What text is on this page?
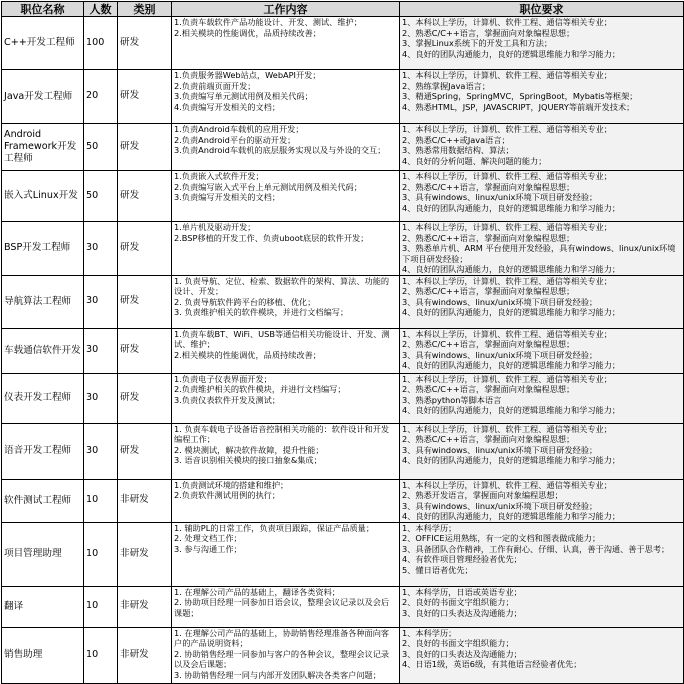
职位名称	人数	类别	工作内容	职位要求
C++开发工程师	100	研发	1.负责车载软件产品功能设计、开发、测试、维护；
2.相关模块的性能调优，品质持续改善；	1、本科以上学历，计算机、软件工程、通信等相关专业；
2、熟悉C/C++语言，掌握面向对象编程思想；
3、掌握Linux系统下的开发工具和方法；
4、良好的团队沟通能力，良好的逻辑思维能力和学习能力；

Java开发工程师	20	研发	1.负责服务器Web站点，WebAPI开发；
2.负责前端页面开发；
3.负责编写单元测试用例及相关代码；
4.负责编写开发相关的文档；	1、本科以上学历，计算机、软件工程、通信等相关专业；
2、熟练掌握Java语言；
3、精通Spring，SpringMVC，SpringBoot，Mybatis等框架；
4、熟悉HTML，JSP，JAVASCRIPT，JQUERY等前端开发技术；

Android Framework开发工程师	50	研发	1.负责Android车载机的应用开发；
2.负责Android平台的驱动开发；
3.负责Android车载机的底层服务实现以及与外设的交互；	1、本科以上学历，计算机、软件工程、通信等相关专业；
2、熟悉C/C++或Java语言；
3、熟悉常用数据结构、算法；
4、良好的分析问题、解决问题的能力；

嵌入式Linux开发	50	研发	1.负责嵌入式软件开发；
2.负责编写嵌入式平台上单元测试用例及相关代码；
3.负责编写开发相关的文档；	1、本科以上学历，计算机、软件工程、通信等相关专业；
2、熟悉C/C++语言，掌握面向对象编程思想；
3、具有windows、linux/unix环境下项目研发经验；
4、良好的团队沟通能力，良好的逻辑思维能力和学习能力；

BSP开发工程师	30	研发	1.单片机及驱动开发；
2.BSP移植的开发工作、负责uboot底层的软件开发；	1、本科以上学历，计算机、软件工程、通信等相关专业；
2、熟悉C/C++语言，掌握面向对象编程思想；
3、熟悉单片机、ARM 平台使用开发经验，具有windows、linux/unix环境下项目研发经验；
4、良好的团队沟通能力，良好的逻辑思维能力和学习能力；

导航算法工程师	30	研发	1. 负责导航、定位、检索、数据软件的架构、算法、功能的设计、开发；
2. 负责导航软件跨平台的移植、优化；
3. 负责维护相关的软件模块，并进行文档编写；	1、本科以上学历，计算机、软件工程、通信等相关专业；
2、熟悉C/C++语言，掌握面向对象编程思想；
3、具有windows、linux/unix环境下项目研发经验；
4、良好的团队沟通能力，良好的逻辑思维能力和学习能力；

车载通信软件开发	30	研发	1.负责车载BT、WiFi、USB等通信相关功能设计、开发、测试、维护；
2.相关模块的性能调优，品质持续改善；	1、本科以上学历，计算机、软件工程、通信等相关专业；
2、熟悉C/C++语言，掌握面向对象编程思想；
3、具有windows、linux/unix环境下项目研发经验；
4、良好的团队沟通能力，良好的逻辑思维能力和学习能力；

仪表开发工程师	30	研发	1.负责电子仪表界面开发；
2.负责维护相关的软件模块，并进行文档编写；
3.负责仪表软件开发及测试；	1、本科以上学历，计算机、软件工程、通信等相关专业；
2、熟悉C/C++语言，掌握面向对象编程思想；
3、熟悉python等脚本语言
4、良好的团队沟通能力，良好的逻辑思维能力和学习能力；

语音开发工程师	30	研发	1. 负责车载电子设备语音控制相关功能的：软件设计和开发编程工作；
2. 模块测试，解决软件故障，提升性能；
3. 语音识别相关模块的接口抽象&集成；	1、本科以上学历，计算机、软件工程、通信等相关专业；
2、熟悉C/C++语言，掌握面向对象编程思想；
3、具有windows、linux/unix环境下项目研发经验；
4、良好的团队沟通能力，良好的逻辑思维能力和学习能力；

软件测试工程师	10	非研发	1.负责测试环境的搭建和维护；
2.负责软件测试用例的执行；	1、本科以上学历，计算机、软件工程、通信等相关专业；
2、熟悉开发语言，掌握面向对象编程思想；
3、具有windows、linux/unix环境下项目研发经验；
4、良好的团队沟通能力，良好的逻辑思维能力和学习能力；

项目管理助理	10	非研发	1. 辅助PL的日常工作，负责项目跟踪，保证产品质量；
2. 处理文档工作；
3. 参与沟通工作；	1、本科学历；
2、OFFICE运用熟练，有一定的文档和图表做成能力；
3、具备团队合作精神，工作有耐心、仔细、认真，善于沟通、善于思考；
4、有软件项目管理经验者优先；
5、懂日语者优先；

翻译	10	非研发	1. 在理解公司产品的基础上，翻译各类资料；
2. 协助项目经理一同参加日语会议，整理会议记录以及会后课题；	1、本科学历，日语或英语专业；
2、良好的书面文字组织能力；
3、良好的口头表达及沟通能力；

销售助理	10	非研发	1. 在理解公司产品的基础上，协助销售经理准备各种面向客户的产品说明资料；
2. 协助销售经理一同参加与客户的各种会议，整理会议记录以及会后课题；
3. 协助销售经理一同与内部开发团队解决各类客户问题；	1、本科学历；
2、良好的书面文字组织能力；
3、良好的口头表达及沟通能力；
4、日语1级，英语6级，有其他语言经验者优先；
